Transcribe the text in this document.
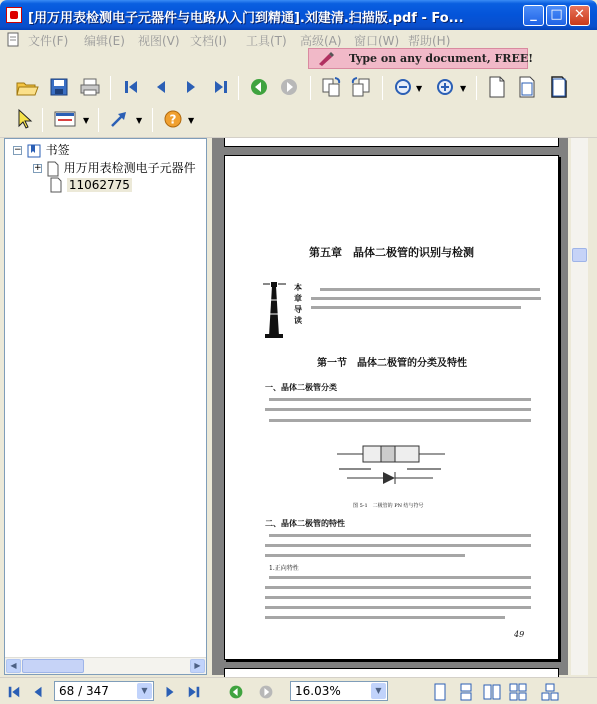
[用万用表检测电子元器件与电路从入门到精通].刘建清.扫描版.pdf - Fo...	_	□ ✕
文件(F) 编辑(E) 视图(V) 文档(I) 工具(T) 高级(A) 窗口(W) 帮助(H)
Type on any document, FREE!
▼	▼
▼	▼ ? ▼
− 书签
+ 用万用表检测电子元器件
11062775
◀	▶
第五章　晶体二极管的识别与检测
本章导读
第一节　晶体二极管的分类及特性
一、晶体二极管分类
图 5-1　二极管的 PN 结与符号
二、晶体二极管的特性
1.正向特性
49
68 / 347	▼	16.03%	▼
